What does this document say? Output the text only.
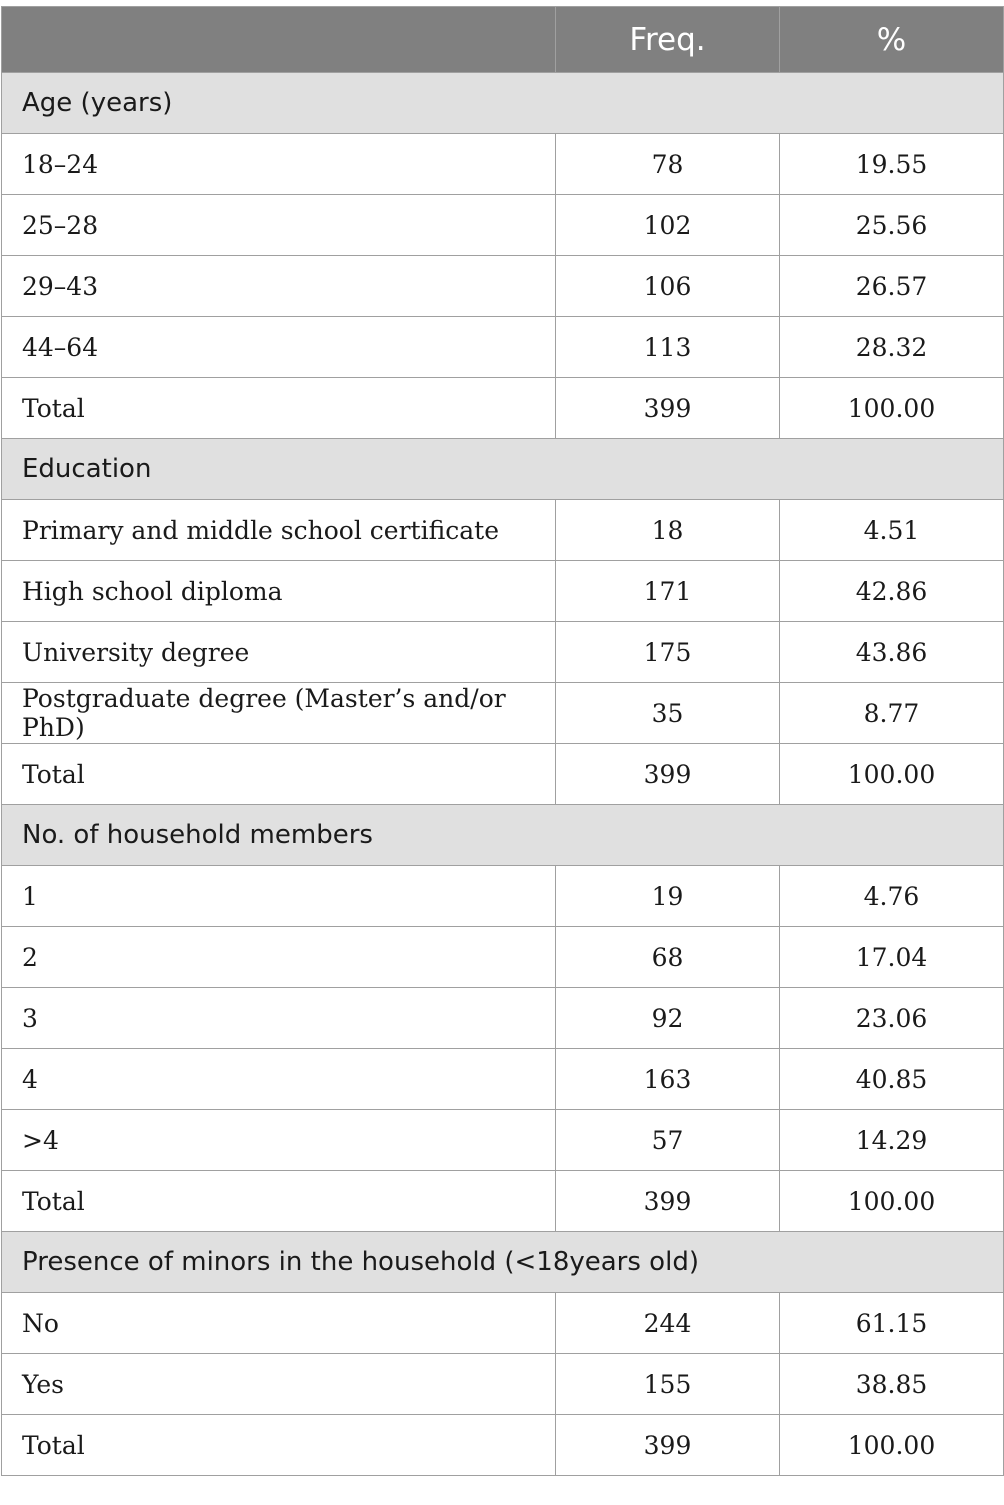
	Freq.	%
Age (years)		
18–24	78	19.55
25–28	102	25.56
29–43	106	26.57
44–64	113	28.32
Total	399	100.00
Education		
Primary and middle school certificate	18	4.51
High school diploma	171	42.86
University degree	175	43.86
Postgraduate degree (Master’s and/or PhD)	35	8.77
Total	399	100.00
No. of household members		
1	19	4.76
2	68	17.04
3	92	23.06
4	163	40.85
>4	57	14.29
Total	399	100.00
Presence of minors in the household (<18years old)		
No	244	61.15
Yes	155	38.85
Total	399	100.00
